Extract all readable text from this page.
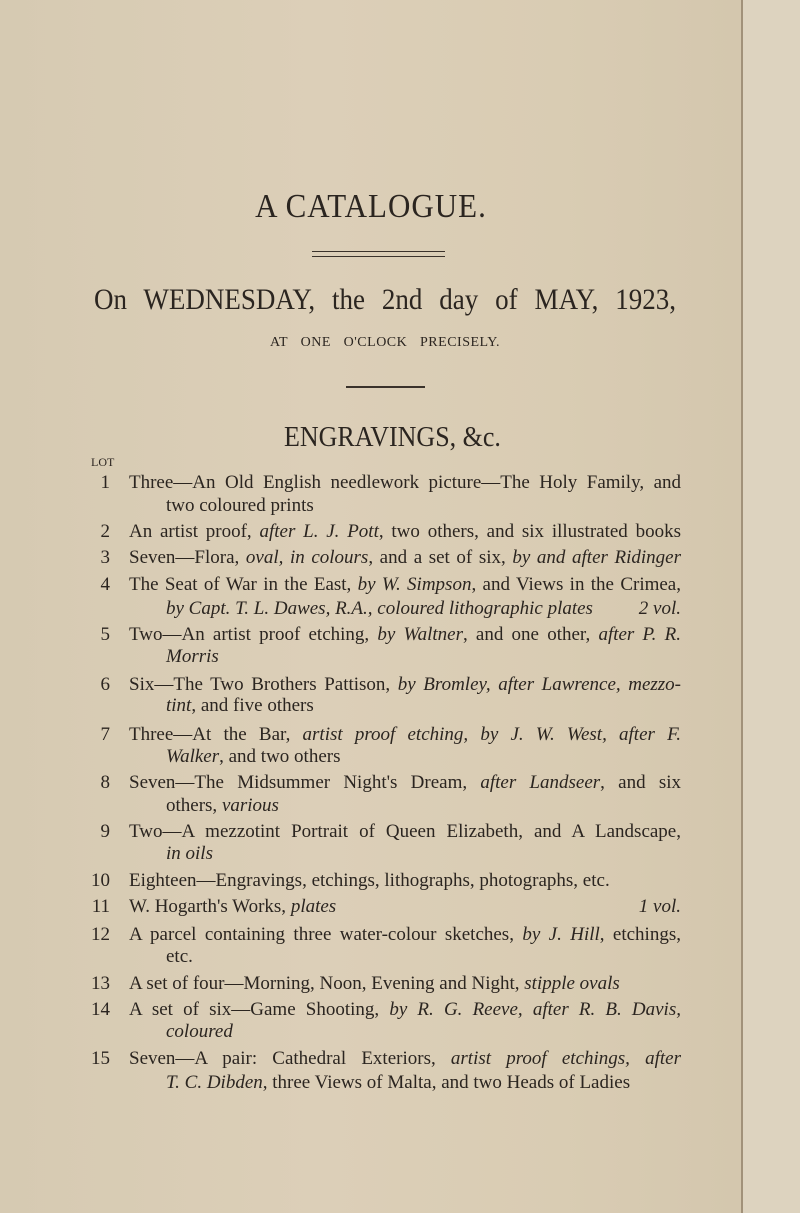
A CATALOGUE.
On WEDNESDAY, the 2nd day of MAY, 1923,
AT ONE O'CLOCK PRECISELY.
ENGRAVINGS, &c.
LOT
1 Three—An Old English needlework picture—The Holy Family, and
two coloured prints
2 An artist proof, after L. J. Pott, two others, and six illustrated books
3 Seven—Flora, oval, in colours, and a set of six, by and after Ridinger
4 The Seat of War in the East, by W. Simpson, and Views in the Crimea,
by Capt. T. L. Dawes, R.A., coloured lithographic plates 2 vol.
5 Two—An artist proof etching, by Waltner, and one other, after P. R.
Morris
6 Six—The Two Brothers Pattison, by Bromley, after Lawrence, mezzo-
tint, and five others
7 Three—At the Bar, artist proof etching, by J. W. West, after F.
Walker, and two others
8 Seven—The Midsummer Night's Dream, after Landseer, and six
others, various
9 Two—A mezzotint Portrait of Queen Elizabeth, and A Landscape,
in oils
10 Eighteen—Engravings, etchings, lithographs, photographs, etc.
11 W. Hogarth's Works, plates	1 vol.
12 A parcel containing three water-colour sketches, by J. Hill, etchings,
etc.
13 A set of four—Morning, Noon, Evening and Night, stipple ovals
14 A set of six—Game Shooting, by R. G. Reeve, after R. B. Davis,
coloured
15 Seven—A pair: Cathedral Exteriors, artist proof etchings, after
T. C. Dibden, three Views of Malta, and two Heads of Ladies
